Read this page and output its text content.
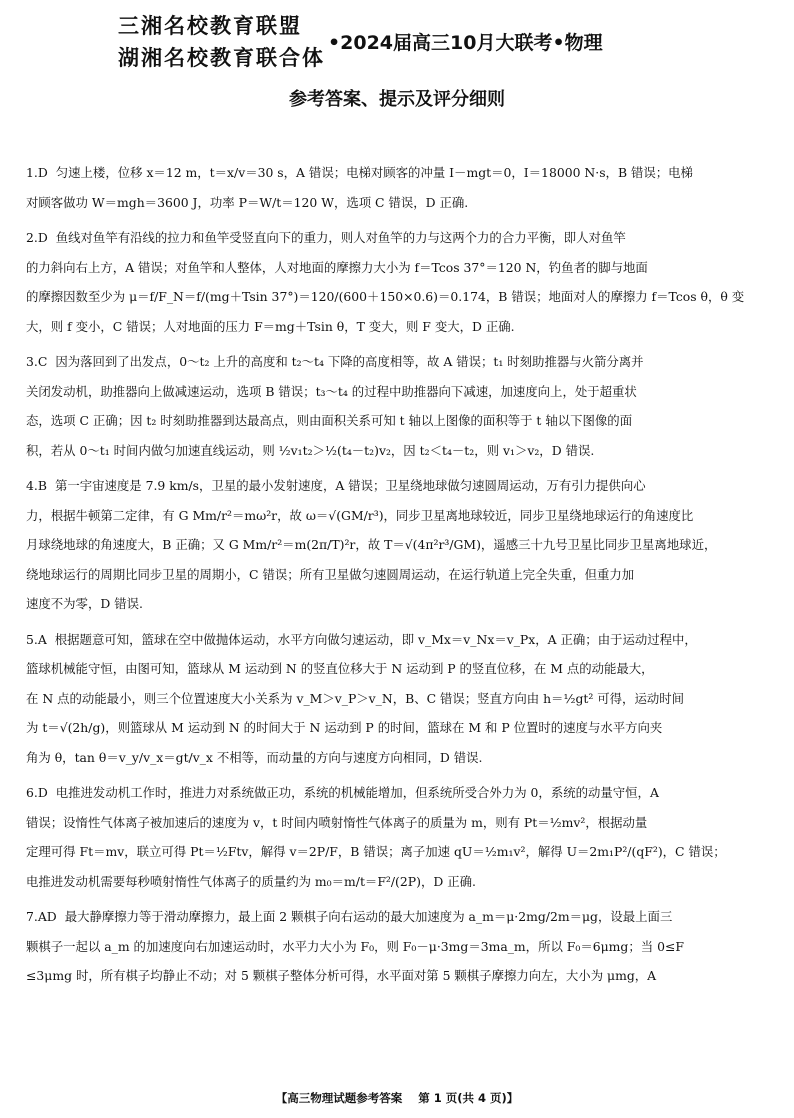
三湘名校教育联盟
湖湘名校教育联合体
•2024届高三10月大联考•物理
参考答案、提示及评分细则

1.D 匀速上楼，位移 x＝12 m，t＝x/v＝30 s，A 错误；电梯对顾客的冲量 I－mgt＝0，I＝18000 N·s，B 错误；电梯

对顾客做功 W＝mgh＝3600 J，功率 P＝W/t＝120 W，选项 C 错误，D 正确.

2.D 鱼线对鱼竿有沿线的拉力和鱼竿受竖直向下的重力，则人对鱼竿的力与这两个力的合力平衡，即人对鱼竿

的力斜向右上方，A 错误；对鱼竿和人整体，人对地面的摩擦力大小为 f＝Tcos 37°＝120 N，钓鱼者的脚与地面

的摩擦因数至少为 μ＝f/F_N＝f/(mg＋Tsin 37°)＝120/(600＋150×0.6)＝0.174，B 错误；地面对人的摩擦力 f＝Tcos θ，θ 变

大，则 f 变小，C 错误；人对地面的压力 F＝mg＋Tsin θ，T 变大，则 F 变大，D 正确.

3.C 因为落回到了出发点，0～t₂ 上升的高度和 t₂～t₄ 下降的高度相等，故 A 错误；t₁ 时刻助推器与火箭分离并

关闭发动机，助推器向上做减速运动，选项 B 错误；t₃～t₄ 的过程中助推器向下减速，加速度向上，处于超重状

态，选项 C 正确；因 t₂ 时刻助推器到达最高点，则由面积关系可知 t 轴以上图像的面积等于 t 轴以下图像的面

积，若从 0～t₁ 时间内做匀加速直线运动，则 ½v₁t₂＞½(t₄－t₂)v₂，因 t₂＜t₄－t₂，则 v₁＞v₂，D 错误.

4.B 第一宇宙速度是 7.9 km/s，卫星的最小发射速度，A 错误；卫星绕地球做匀速圆周运动，万有引力提供向心

力，根据牛顿第二定律，有 G Mm/r²＝mω²r，故 ω＝√(GM/r³)，同步卫星离地球较近，同步卫星绕地球运行的角速度比

月球绕地球的角速度大，B 正确；又 G Mm/r²＝m(2π/T)²r，故 T＝√(4π²r³/GM)，遥感三十九号卫星比同步卫星离地球近，

绕地球运行的周期比同步卫星的周期小，C 错误；所有卫星做匀速圆周运动，在运行轨道上完全失重，但重力加

速度不为零，D 错误.

5.A 根据题意可知，篮球在空中做抛体运动，水平方向做匀速运动，即 v_Mx＝v_Nx＝v_Px，A 正确；由于运动过程中，

篮球机械能守恒，由图可知，篮球从 M 运动到 N 的竖直位移大于 N 运动到 P 的竖直位移，在 M 点的动能最大，

在 N 点的动能最小，则三个位置速度大小关系为 v_M＞v_P＞v_N，B、C 错误；竖直方向由 h＝½gt² 可得，运动时间

为 t＝√(2h/g)，则篮球从 M 运动到 N 的时间大于 N 运动到 P 的时间，篮球在 M 和 P 位置时的速度与水平方向夹

角为 θ，tan θ＝v_y/v_x＝gt/v_x 不相等，而动量的方向与速度方向相同，D 错误.

6.D 电推进发动机工作时，推进力对系统做正功，系统的机械能增加，但系统所受合外力为 0，系统的动量守恒，A

错误；设惰性气体离子被加速后的速度为 v，t 时间内喷射惰性气体离子的质量为 m，则有 Pt＝½mv²，根据动量

定理可得 Ft＝mv，联立可得 Pt＝½Ftv，解得 v＝2P/F，B 错误；离子加速 qU＝½m₁v²，解得 U＝2m₁P²/(qF²)，C 错误；

电推进发动机需要每秒喷射惰性气体离子的质量约为 m₀＝m/t＝F²/(2P)，D 正确.

7.AD 最大静摩擦力等于滑动摩擦力，最上面 2 颗棋子向右运动的最大加速度为 a_m＝μ·2mg/2m＝μg，设最上面三

颗棋子一起以 a_m 的加速度向右加速运动时，水平力大小为 F₀，则 F₀－μ·3mg＝3ma_m，所以 F₀＝6μmg；当 0≤F

≤3μmg 时，所有棋子均静止不动；对 5 颗棋子整体分析可得，水平面对第 5 颗棋子摩擦力向左，大小为 μmg，A

【高三物理试题参考答案 第 1 页(共 4 页)】
